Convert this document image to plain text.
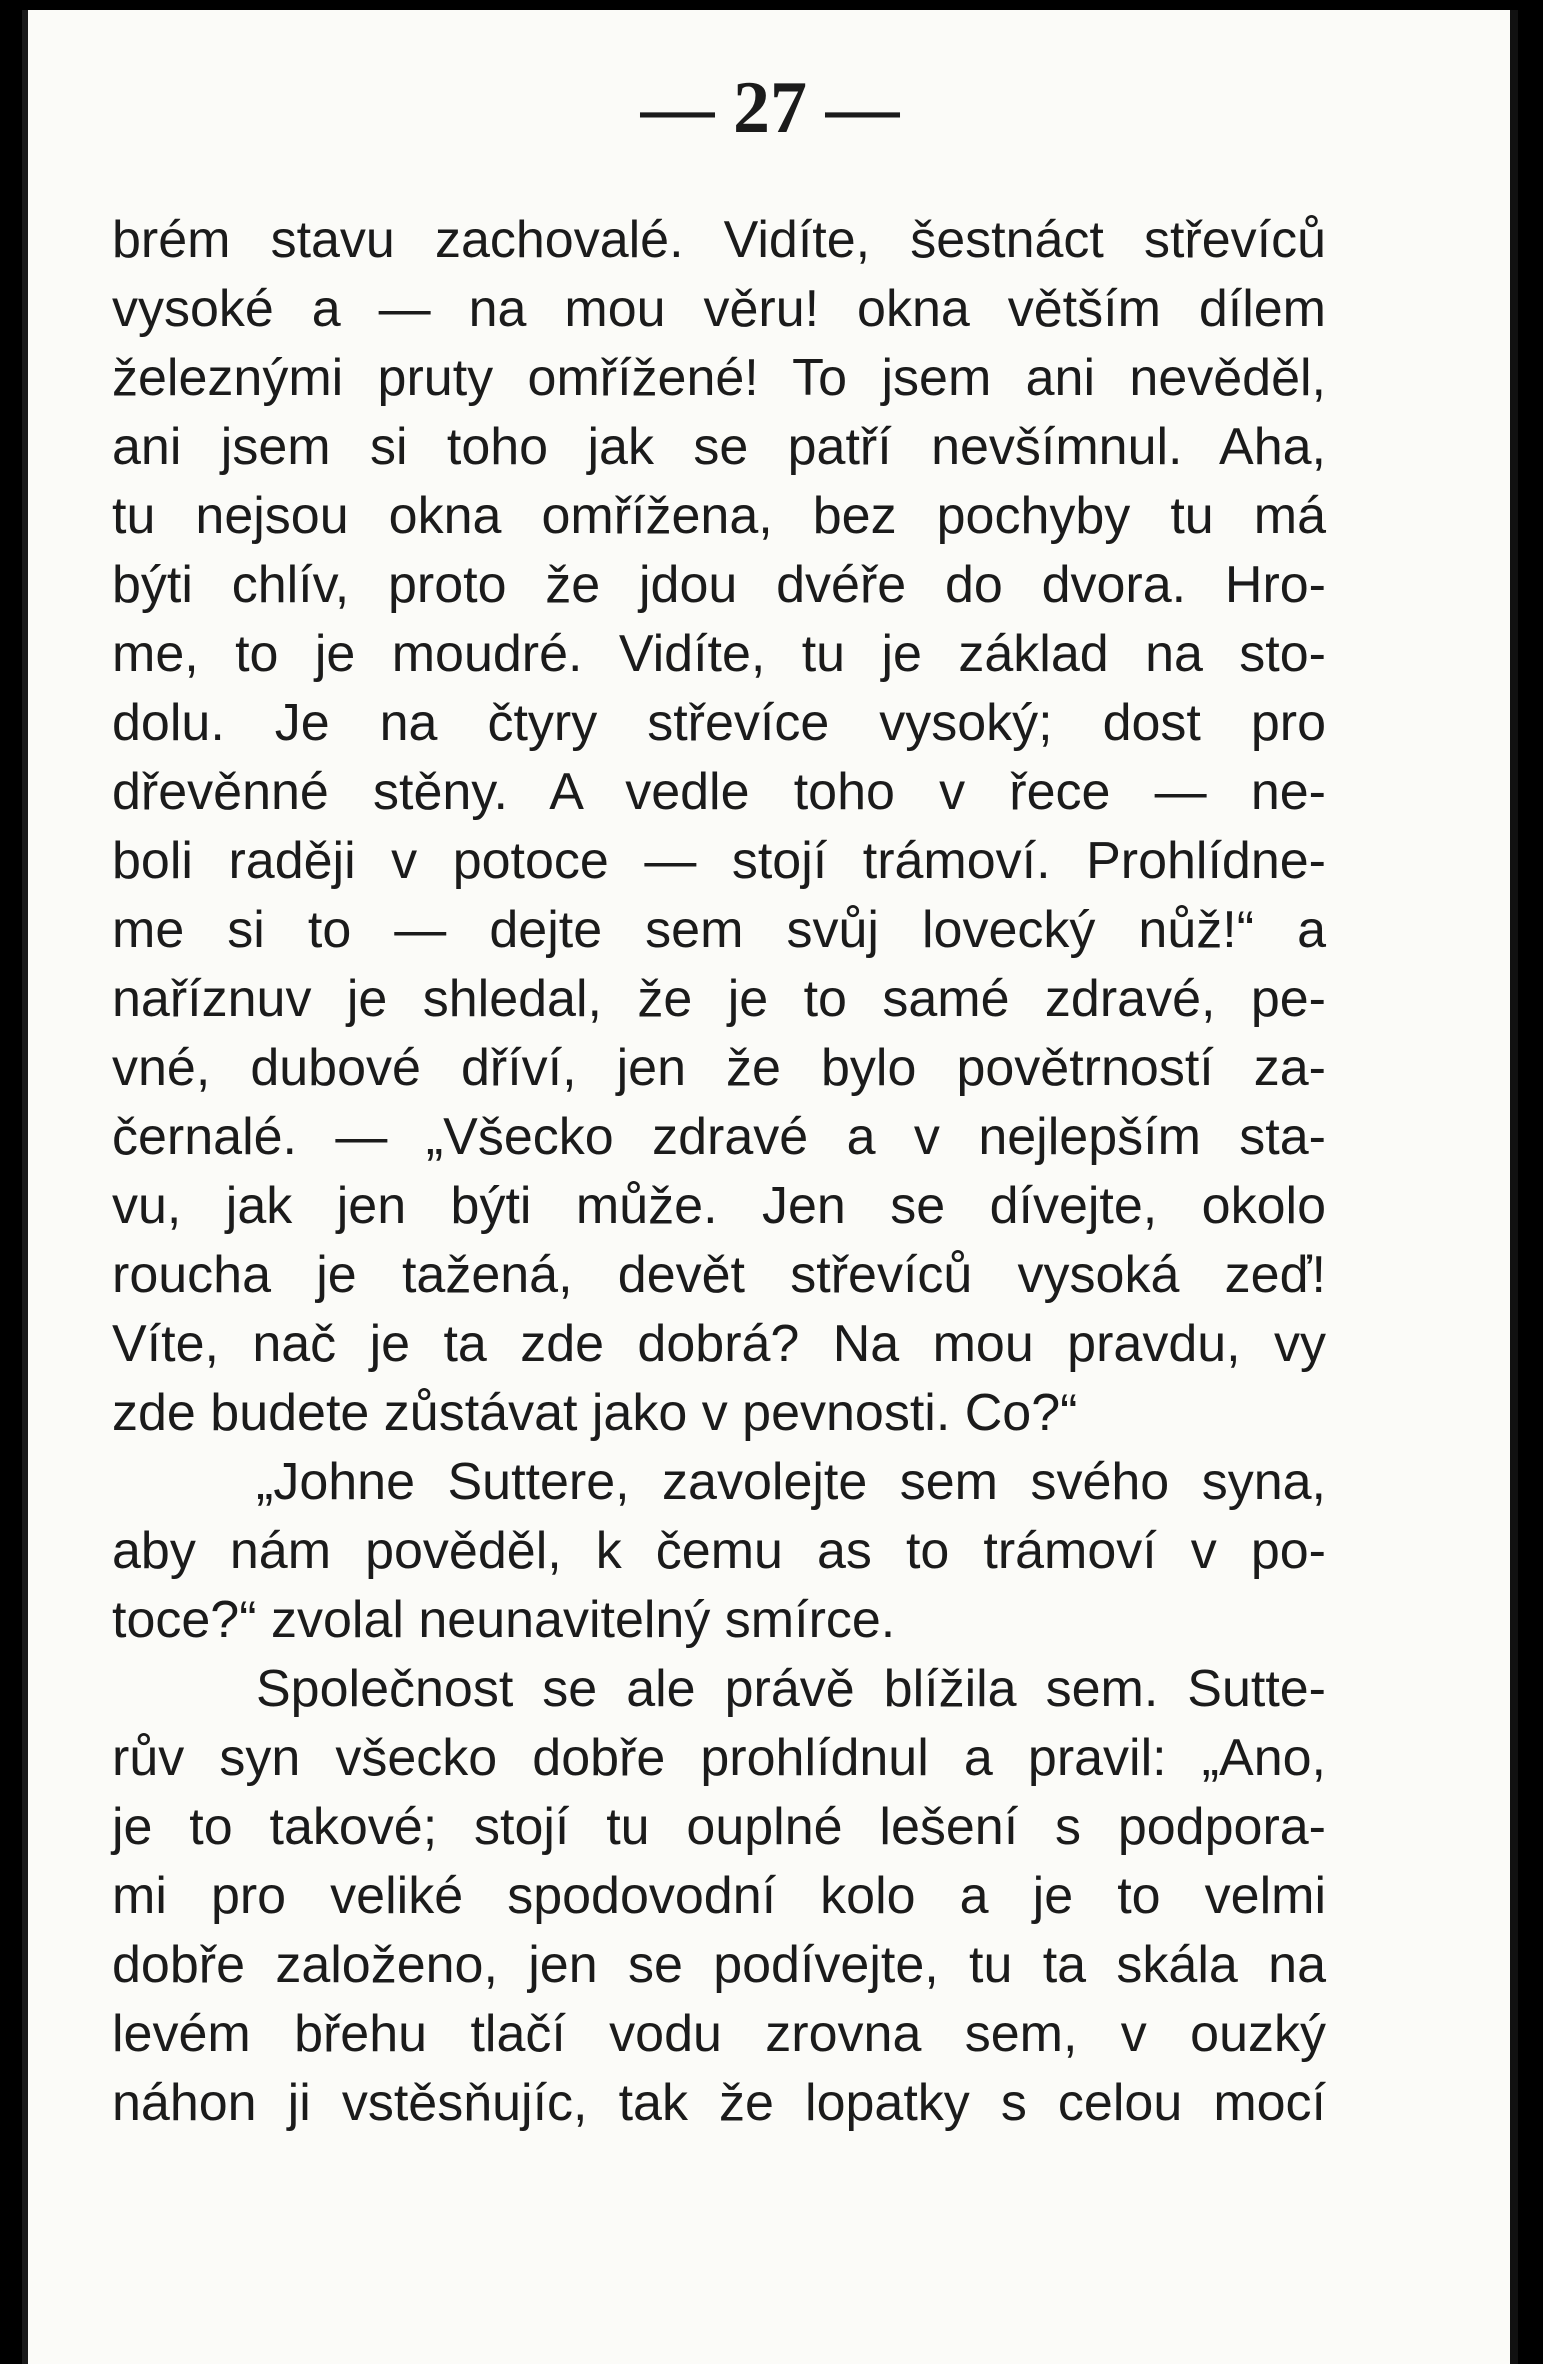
— 27 —
brém stavu zachovalé. Vidíte, šestnáct střevíců
vysoké a — na mou věru! okna větším dílem
železnými pruty omřížené! To jsem ani nevěděl,
ani jsem si toho jak se patří nevšímnul. Aha,
tu nejsou okna omřížena, bez pochyby tu má
býti chlív, proto že jdou dvéře do dvora. Hro-
me, to je moudré. Vidíte, tu je základ na sto-
dolu. Je na čtyry střevíce vysoký; dost pro
dřevěnné stěny. A vedle toho v řece — ne-
boli raději v potoce — stojí trámoví. Prohlídne-
me si to — dejte sem svůj lovecký nůž!“ a
naříznuv je shledal, že je to samé zdravé, pe-
vné, dubové dříví, jen že bylo povětrností za-
černalé. — „Všecko zdravé a v nejlepším sta-
vu, jak jen býti může. Jen se dívejte, okolo
roucha je tažená, devět střevíců vysoká zeď!
Víte, nač je ta zde dobrá? Na mou pravdu, vy
zde budete zůstávat jako v pevnosti. Co?“
„Johne Suttere, zavolejte sem svého syna,
aby nám pověděl, k čemu as to trámoví v po-
toce?“ zvolal neunavitelný smírce.
Společnost se ale právě blížila sem. Sutte-
rův syn všecko dobře prohlídnul a pravil: „Ano,
je to takové; stojí tu ouplné lešení s podpora-
mi pro veliké spodovodní kolo a je to velmi
dobře založeno, jen se podívejte, tu ta skála na
levém břehu tlačí vodu zrovna sem, v ouzký
náhon ji vstěsňujíc, tak že lopatky s celou mocí
